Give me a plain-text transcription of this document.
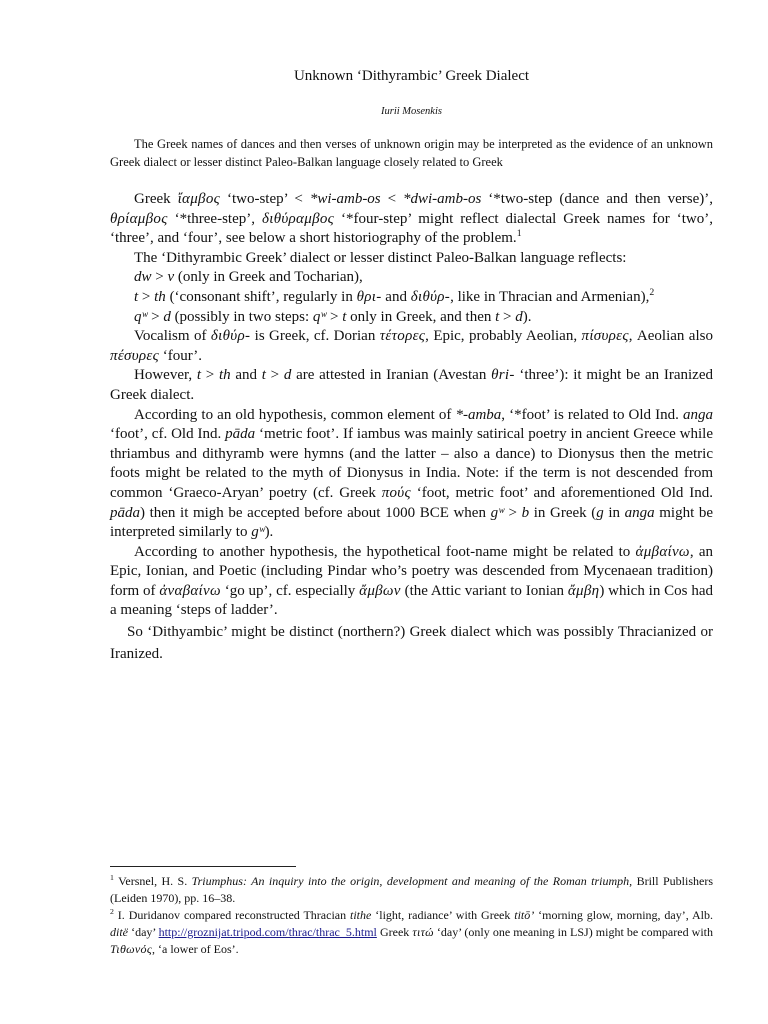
Unknown ‘Dithyrambic’ Greek Dialect
Iurii Mosenkis

The Greek names of dances and then verses of unknown origin may be interpreted as the evidence of an unknown Greek dialect or lesser distinct Paleo-Balkan language closely related to Greek

Greek ἴαμβος ‘two-step’ < *wi-amb-os < *dwi-amb-os ‘*two-step (dance and then verse)’, θρίαμβος ‘*three-step’, διθύραμβος ‘*four-step’ might reflect dialectal Greek names for ‘two’, ‘three’, and ‘four’, see below a short historiography of the problem.$^1$

The ‘Dithyrambic Greek’ dialect or lesser distinct Paleo-Balkan language reflects:

dw > v (only in Greek and Tocharian),

t > th (‘consonant shift’, regularly in θρι- and διθύρ-, like in Thracian and Armenian),$^2$

qʷ > d (possibly in two steps: qʷ > t only in Greek, and then t > d).

Vocalism of διθύρ- is Greek, cf. Dorian τέτορες, Epic, probably Aeolian, πίσυρες, Aeolian also πέσυρες ‘four’.

However, t > th and t > d are attested in Iranian (Avestan θri- ‘three’): it might be an Iranized Greek dialect.

According to an old hypothesis, common element of *-amba, ‘*foot’ is related to Old Ind. anga ‘foot’, cf. Old Ind. pāda ‘metric foot’. If iambus was mainly satirical poetry in ancient Greece while thriambus and dithyramb were hymns (and the latter – also a dance) to Dionysus then the metric foots might be related to the myth of Dionysus in India. Note: if the term is not descended from common ‘Graeco-Aryan’ poetry (cf. Greek πούς ‘foot, metric foot’ and aforementioned Old Ind. pāda) then it migh be accepted before about 1000 BCE when gʷ > b in Greek (g in anga might be interpreted similarly to gʷ).

According to another hypothesis, the hypothetical foot-name might be related to ἀμβαίνω, an Epic, Ionian, and Poetic (including Pindar who’s poetry was descended from Mycenaean tradition) form of ἀναβαίνω ‘go up’, cf. especially ἄμβων (the Attic variant to Ionian ἄμβη) which in Cos had a meaning ‘steps of ladder’.

So ‘Dithyambic’ might be distinct (northern?) Greek dialect which was possibly Thracianized or Iranized.

$^1$ Versnel, H. S. Triumphus: An inquiry into the origin, development and meaning of the Roman triumph, Brill Publishers (Leiden 1970), pp. 16–38.

$^2$ I. Duridanov compared reconstructed Thracian tithe ‘light, radiance’ with Greek titō’ ‘morning glow, morning, day’, Alb. ditë ‘day’ http://groznijat.tripod.com/thrac/thrac_5.html Greek τιτώ ‘day’ (only one meaning in LSJ) might be compared with Τιθωνός, ‘a lower of Eos’.
